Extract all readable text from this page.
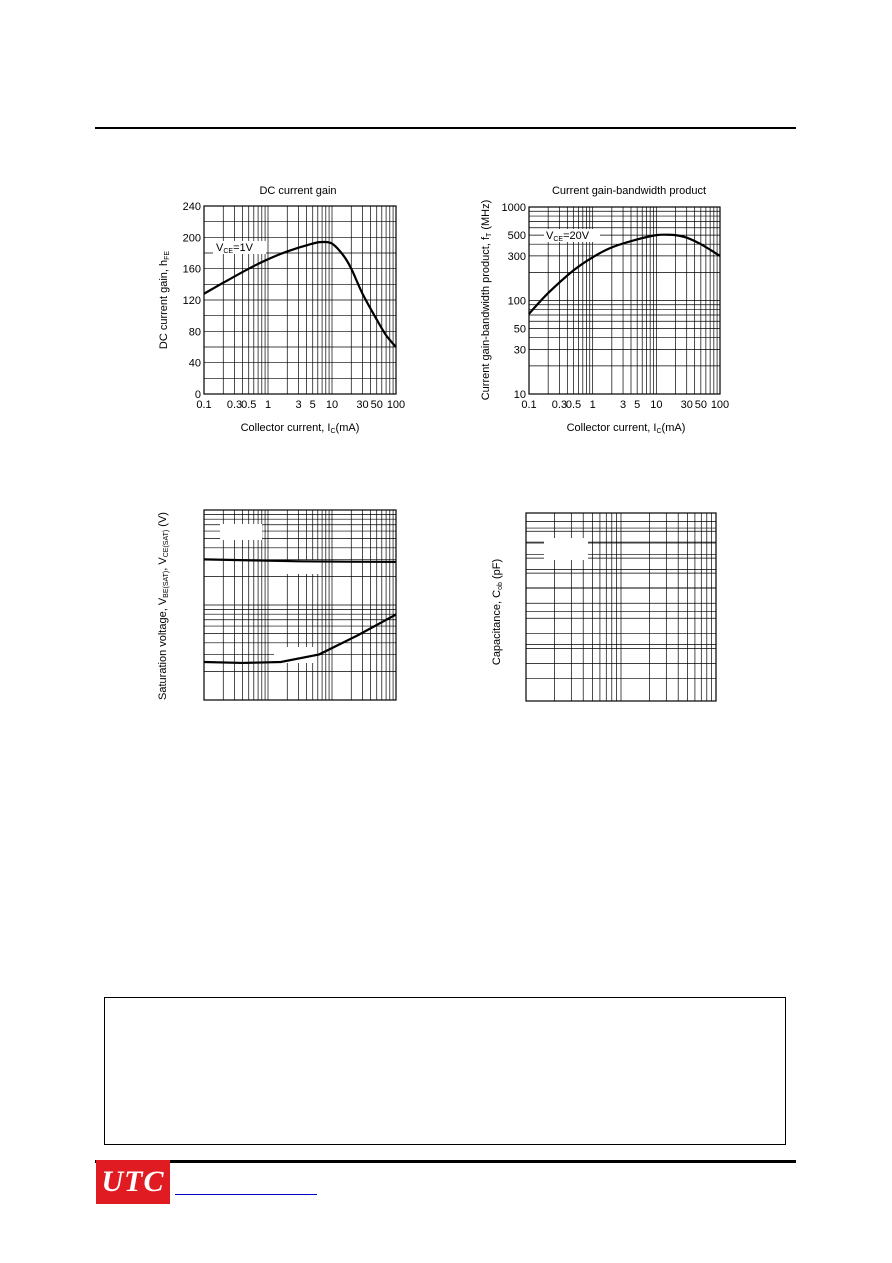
DC current gain
0.1 0.3
0.5 1 3 5 10 30 50 100
0
40
80
120
160
200
240
VCE=1V
Collector current, IC(mA)
DC current gain, hFE
Current gain-bandwidth product
0.1 0.3
0.5 1 3 5 10 30 50 100
10
30
50
100
300
500
1000
VCE=20V
Collector current, IC(mA)
Current gain-bandwidth product, fT (MHz)
Saturation voltage, VBE(SAT), VCE(SAT) (V)
Capacitance, Cob (pF)
UTC
